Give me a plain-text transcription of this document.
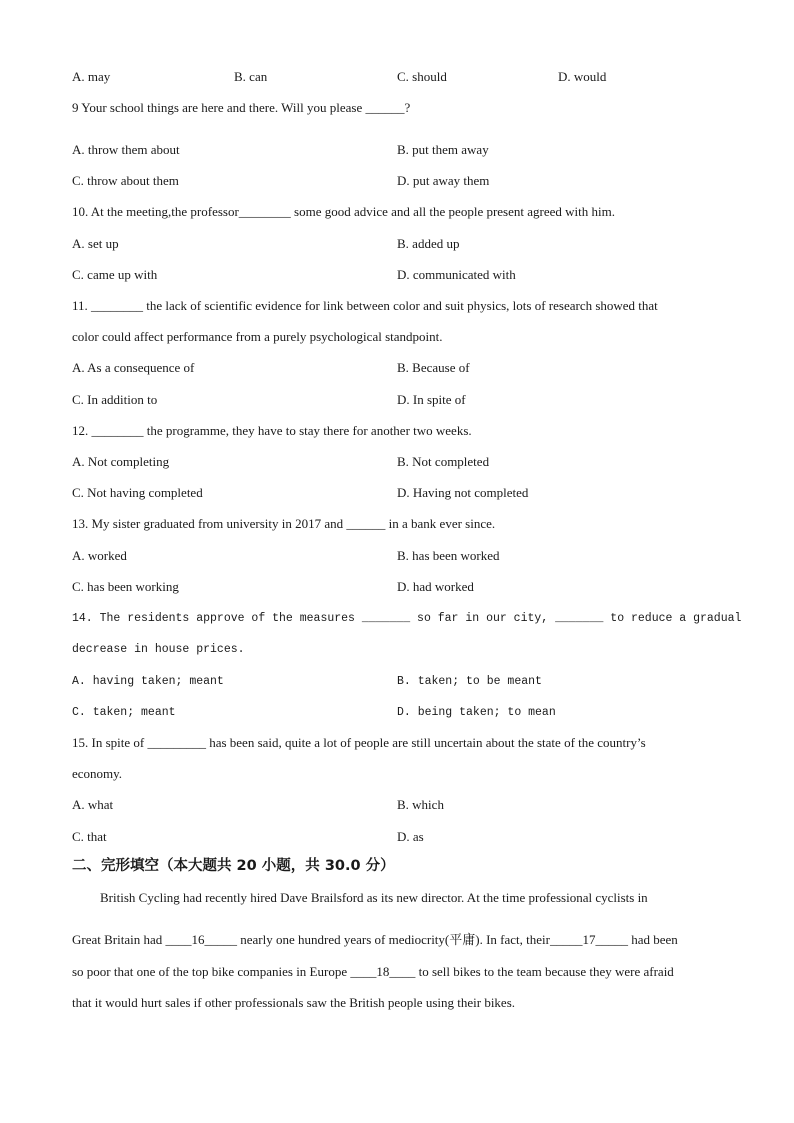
A. may	B. can	C. should	D. would
9 Your school things are here and there. Will you please ______?
A. throw them about	B. put them away
C. throw about them	D. put away them
10. At the meeting,the professor________ some good advice and all the people present agreed with him.
A. set up	B. added up
C. came up with	D. communicated with
11. ________ the lack of scientific evidence for link between color and suit physics, lots of research showed that
color could affect performance from a purely psychological standpoint.
A. As a consequence of	B. Because of
C. In addition to	D. In spite of
12. ________ the programme, they have to stay there for another two weeks.
A. Not completing	B. Not completed
C. Not having completed	D. Having not completed
13. My sister graduated from university in 2017 and ______ in a bank ever since.
A. worked	B. has been worked
C. has been working	D. had worked
14. The residents approve of the measures _______ so far in our city, _______ to reduce a gradual
decrease in house prices.
A. having taken; meant	B. taken; to be meant
C. taken; meant	D. being taken; to mean
15. In spite of _________ has been said, quite a lot of people are still uncertain about the state of the country’s
economy.
A. what	B. which
C. that	D. as
二、完形填空（本大题共 20 小题，共 30.0 分）
British Cycling had recently hired Dave Brailsford as its new director. At the time professional cyclists in
Great Britain had ____16_____ nearly one hundred years of mediocrity(平庸). In fact, their_____17_____ had been
so poor that one of the top bike companies in Europe ____18____ to sell bikes to the team because they were afraid
that it would hurt sales if other professionals saw the British people using their bikes.
